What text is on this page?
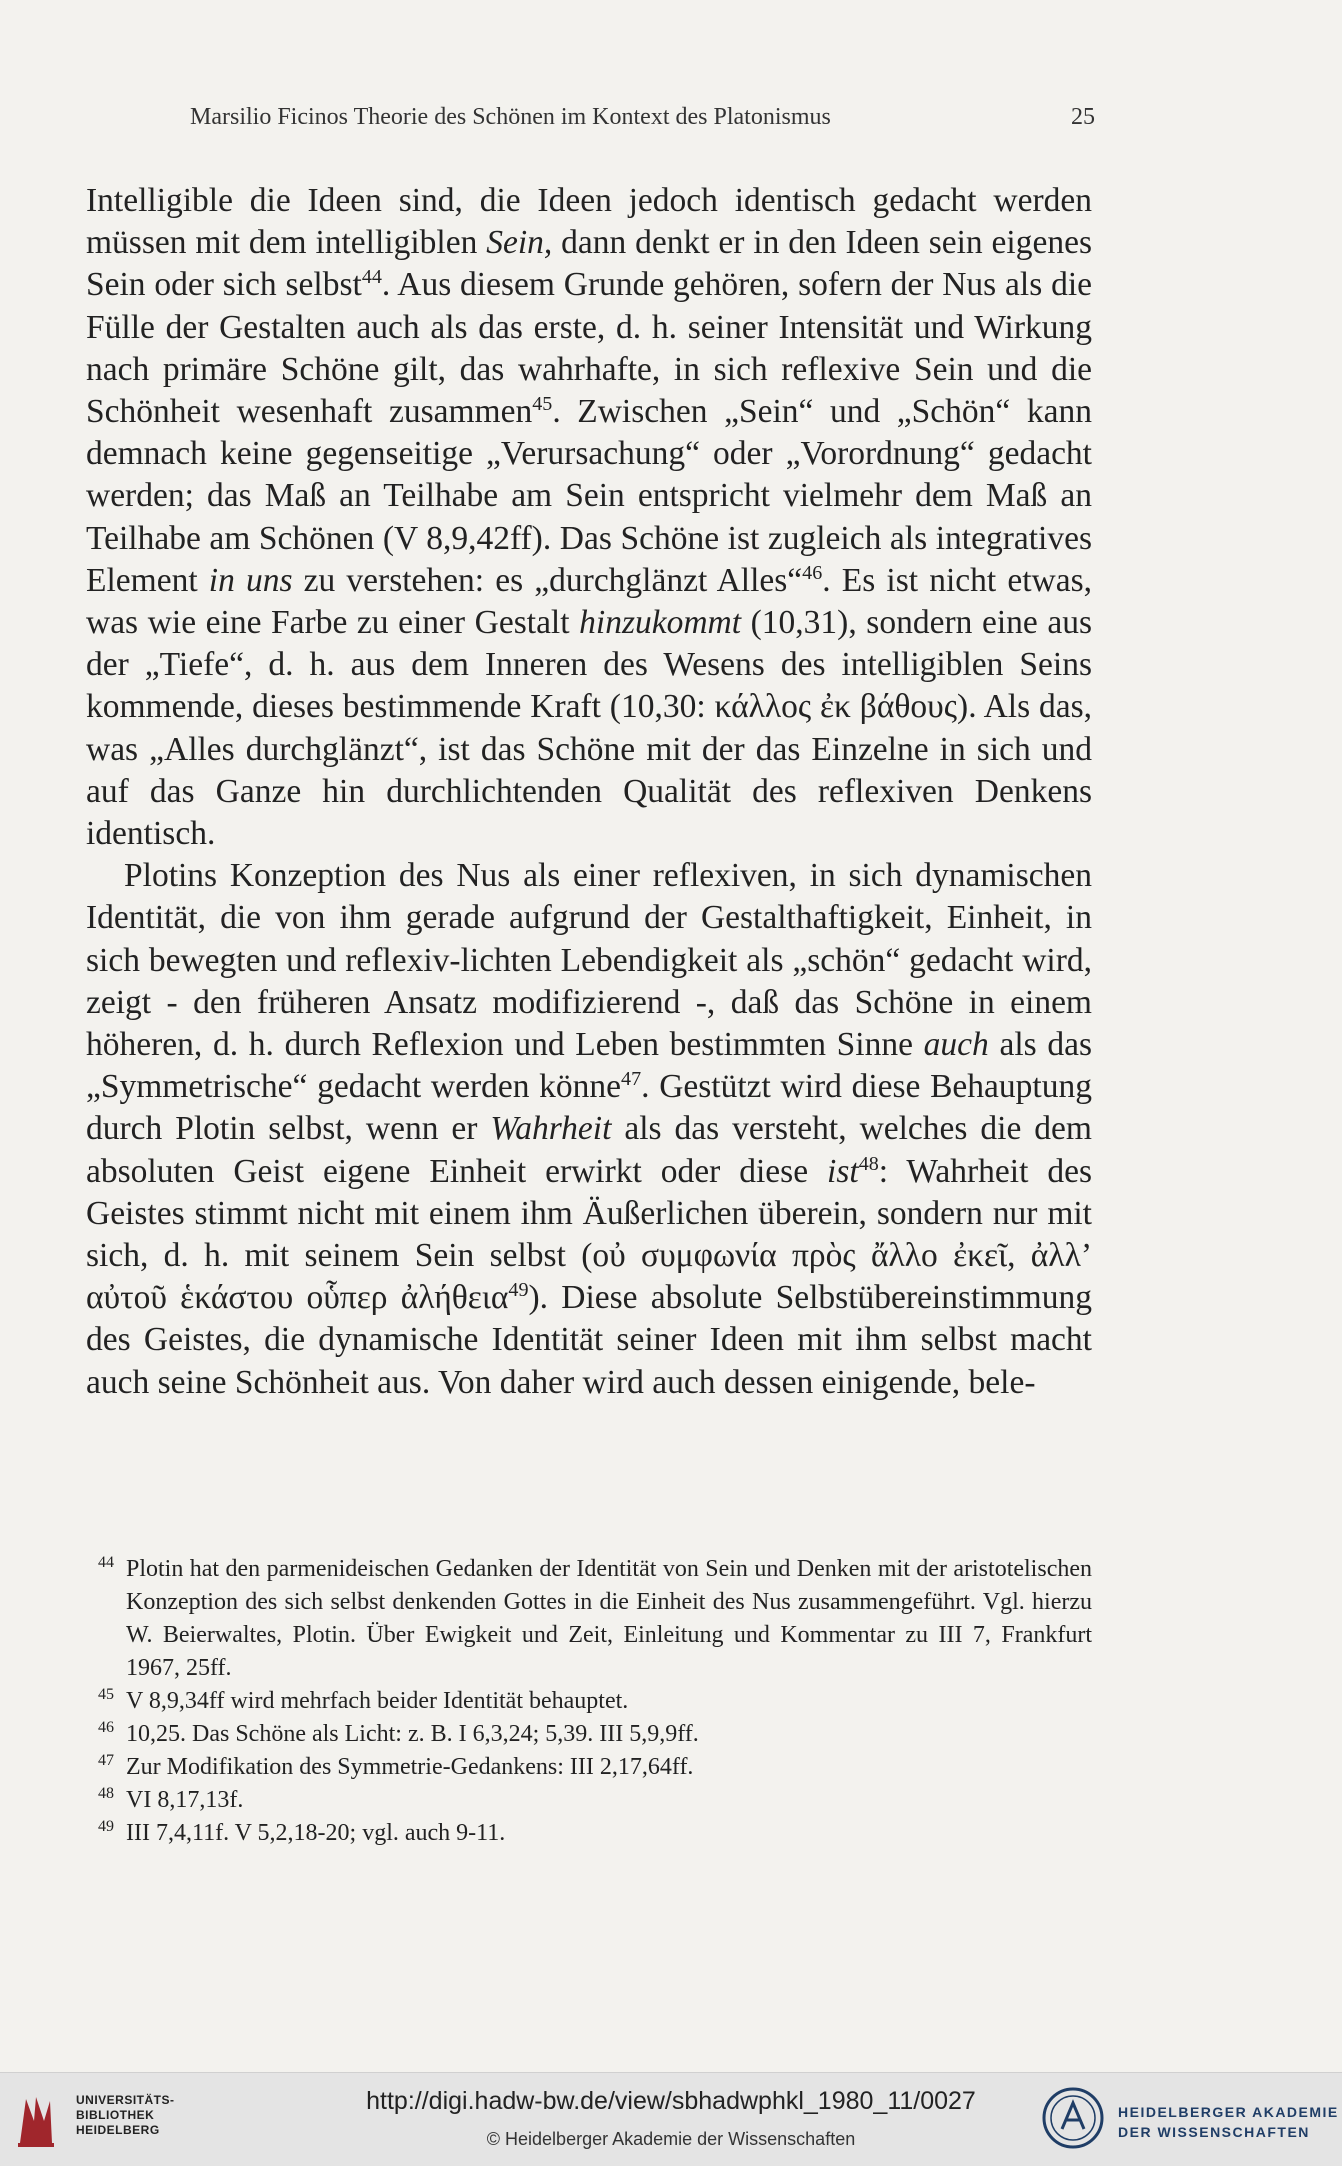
Marsilio Ficinos Theorie des Schönen im Kontext des Platonismus	25

Intelligible die Ideen sind, die Ideen jedoch identisch gedacht werden müssen mit dem intelligiblen Sein, dann denkt er in den Ideen sein eigenes Sein oder sich selbst$^{44}$. Aus diesem Grunde gehören, sofern der Nus als die Fülle der Gestalten auch als das erste, d. h. seiner Intensität und Wirkung nach primäre Schöne gilt, das wahrhafte, in sich reflexive Sein und die Schönheit wesenhaft zusammen$^{45}$. Zwischen „Sein“ und „Schön“ kann demnach keine gegenseitige „Verursachung“ oder „Vorordnung“ gedacht werden; das Maß an Teilhabe am Sein entspricht vielmehr dem Maß an Teilhabe am Schönen (V 8,9,42ff). Das Schöne ist zugleich als integratives Element in uns zu verstehen: es „durchglänzt Alles“$^{46}$. Es ist nicht etwas, was wie eine Farbe zu einer Gestalt hinzukommt (10,31), sondern eine aus der „Tiefe“, d. h. aus dem Inneren des Wesens des intelligiblen Seins kommende, dieses bestimmende Kraft (10,30: κάλλος ἐκ βάθους). Als das, was „Alles durchglänzt“, ist das Schöne mit der das Einzelne in sich und auf das Ganze hin durchlichtenden Qualität des reflexiven Denkens identisch.

Plotins Konzeption des Nus als einer reflexiven, in sich dynamischen Identität, die von ihm gerade aufgrund der Gestalthaftigkeit, Einheit, in sich bewegten und reflexiv-lichten Lebendigkeit als „schön“ gedacht wird, zeigt - den früheren Ansatz modifizierend -, daß das Schöne in einem höheren, d. h. durch Reflexion und Leben bestimmten Sinne auch als das „Symmetrische“ gedacht werden könne$^{47}$. Gestützt wird diese Behauptung durch Plotin selbst, wenn er Wahrheit als das versteht, welches die dem absoluten Geist eigene Einheit erwirkt oder diese ist$^{48}$: Wahrheit des Geistes stimmt nicht mit einem ihm Äußerlichen überein, sondern nur mit sich, d. h. mit seinem Sein selbst (οὐ συμφωνία πρὸς ἄλλο ἐκεῖ, ἀλλ’ αὐτοῦ ἑκάστου οὗπερ ἀλήθεια$^{49}$). Diese absolute Selbstübereinstimmung des Geistes, die dynamische Identität seiner Ideen mit ihm selbst macht auch seine Schönheit aus. Von daher wird auch dessen einigende, bele-

44 Plotin hat den parmenideischen Gedanken der Identität von Sein und Denken mit der aristotelischen Konzeption des sich selbst denkenden Gottes in die Einheit des Nus zusammengeführt. Vgl. hierzu W. Beierwaltes, Plotin. Über Ewigkeit und Zeit, Einleitung und Kommentar zu III 7, Frankfurt 1967, 25ff.

45 V 8,9,34ff wird mehrfach beider Identität behauptet.

46 10,25. Das Schöne als Licht: z. B. I 6,3,24; 5,39. III 5,9,9ff.

47 Zur Modifikation des Symmetrie-Gedankens: III 2,17,64ff.

48 VI 8,17,13f.

49 III 7,4,11f. V 5,2,18-20; vgl. auch 9-11.

UNIVERSITÄTS-
BIBLIOTHEK
HEIDELBERG
http://digi.hadw-bw.de/view/sbhadwphkl_1980_11/0027
© Heidelberger Akademie der Wissenschaften
HEIDELBERGER AKADEMIE
DER WISSENSCHAFTEN
